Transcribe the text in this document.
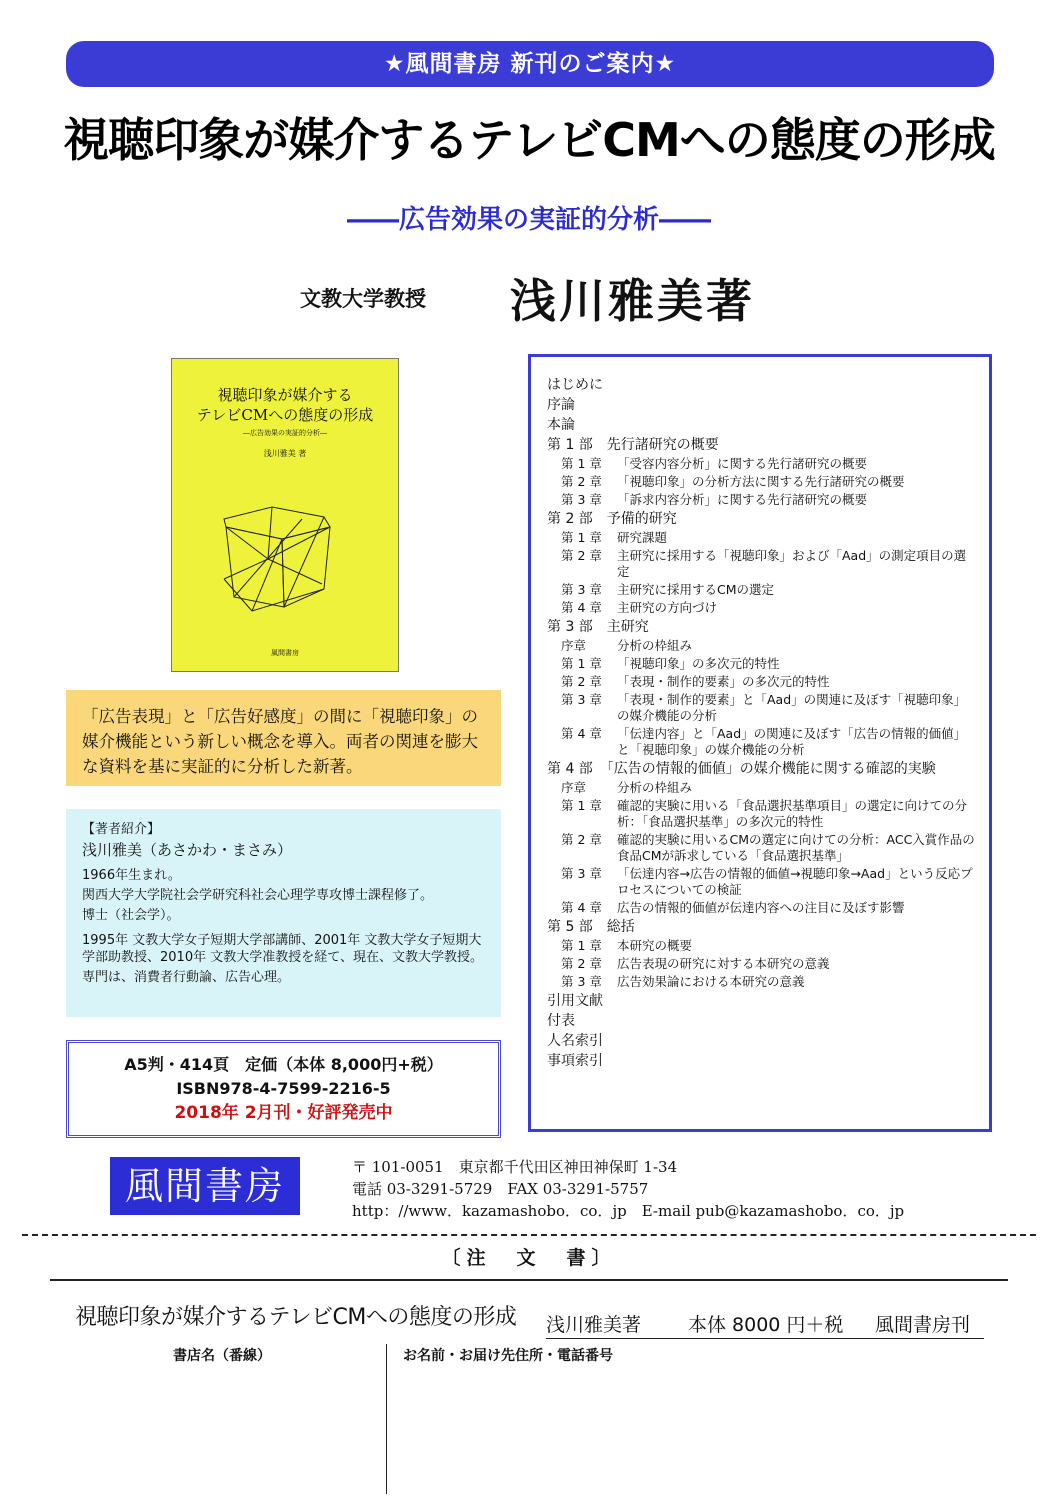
★風間書房 新刊のご案内★
視聴印象が媒介するテレビCMへの態度の形成
――広告効果の実証的分析――
文教大学教授 浅川雅美著
視聴印象が媒介する
テレビCMへの態度の形成
―広告効果の実証的分析―
浅川雅美 著
風間書房
「広告表現」と「広告好感度」の間に「視聴印象」の媒介機能という新しい概念を導入。両者の関連を膨大な資料を基に実証的に分析した新著。
【著者紹介】
浅川雅美（あさかわ・まさみ）
1966年生まれ。
関西大学大学院社会学研究科社会心理学専攻博士課程修了。
博士（社会学）。
1995年 文教大学女子短期大学部講師、2001年 文教大学女子短期大学部助教授、2010年 文教大学准教授を経て、現在、文教大学教授。
専門は、消費者行動論、広告心理。
A5判・414頁　定価（本体 8,000円+税）
ISBN978-4-7599-2216-5
2018年 2月刊・好評発売中
はじめに
序論
本論
第 1 部　先行諸研究の概要
第 1 章	「受容内容分析」に関する先行諸研究の概要
第 2 章	「視聴印象」の分析方法に関する先行諸研究の概要
第 3 章	「訴求内容分析」に関する先行諸研究の概要
第 2 部　予備的研究
第 1 章	研究課題
第 2 章	主研究に採用する「視聴印象」および「Aad」の測定項目の選定
第 3 章	主研究に採用するCMの選定
第 4 章	主研究の方向づけ
第 3 部　主研究
序章	分析の枠組み
第 1 章	「視聴印象」の多次元的特性
第 2 章	「表現・制作的要素」の多次元的特性
第 3 章	「表現・制作的要素」と「Aad」の関連に及ぼす「視聴印象」の媒介機能の分析
第 4 章	「伝達内容」と「Aad」の関連に及ぼす「広告の情報的価値」と「視聴印象」の媒介機能の分析
第 4 部　「広告の情報的価値」の媒介機能に関する確認的実験
序章	分析の枠組み
第 1 章	確認的実験に用いる「食品選択基準項目」の選定に向けての分析：「食品選択基準」の多次元的特性
第 2 章	確認的実験に用いるCMの選定に向けての分析：ACC入賞作品の食品CMが訴求している「食品選択基準」
第 3 章	「伝達内容→広告の情報的価値→視聴印象→Aad」という反応プロセスについての検証
第 4 章	広告の情報的価値が伝達内容への注目に及ぼす影響
第 5 部　総括
第 1 章	本研究の概要
第 2 章	広告表現の研究に対する本研究の意義
第 3 章	広告効果論における本研究の意義
引用文献
付表
人名索引
事項索引
風間書房	〒 101-0051　東京都千代田区神田神保町 1-34
電話 03-3291-5729　FAX 03-3291-5757
http：//www．kazamashobo．co．jp　E-mail pub@kazamashobo．co．jp
〔注　文　書〕
視聴印象が媒介するテレビCMへの態度の形成 浅川雅美著 本体 8000 円＋税 風間書房刊
書店名（番線）	お名前・お届け先住所・電話番号
